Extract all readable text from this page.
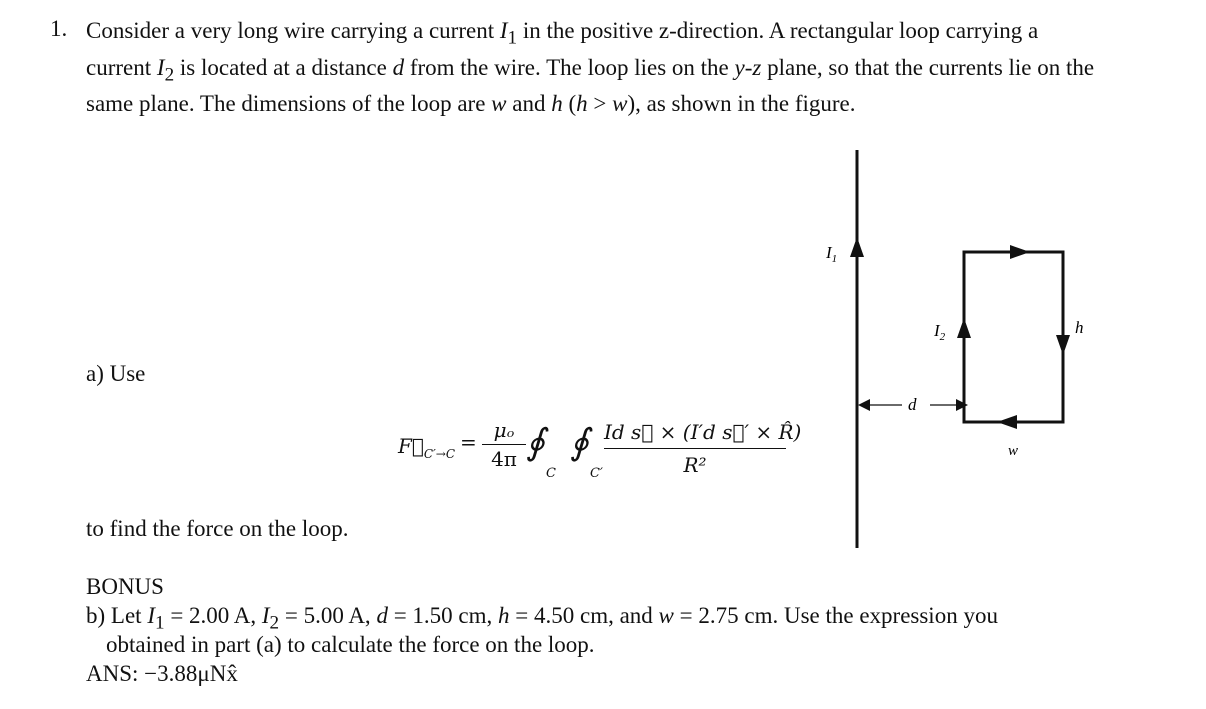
1. Consider a very long wire carrying a current $I_1$ in the positive z-direction. A rectangular loop carrying a current $I_2$ is located at a distance d from the wire. The loop lies on the y-z plane, so that the currents lie on the same plane. The dimensions of the loop are w and h (h > w), as shown in the figure.
a) Use
$F⃗_{C'\to C} = \mu_o$
4π ∮
C
∮
C′
Id s⃗ × (I′d s⃗′ × R̂)
R²
to find the force on the loop.
BONUS
b) Let $I_1 = 2.00$ A, $I_2 = 5.00$ A, d = 1.50 cm, h = 4.50 cm, and w = 2.75 cm. Use the expression you
obtained in part (a) to calculate the force on the loop.
ANS: −3.88μNx̂
$I_1$
$I_2$	h
w
d
